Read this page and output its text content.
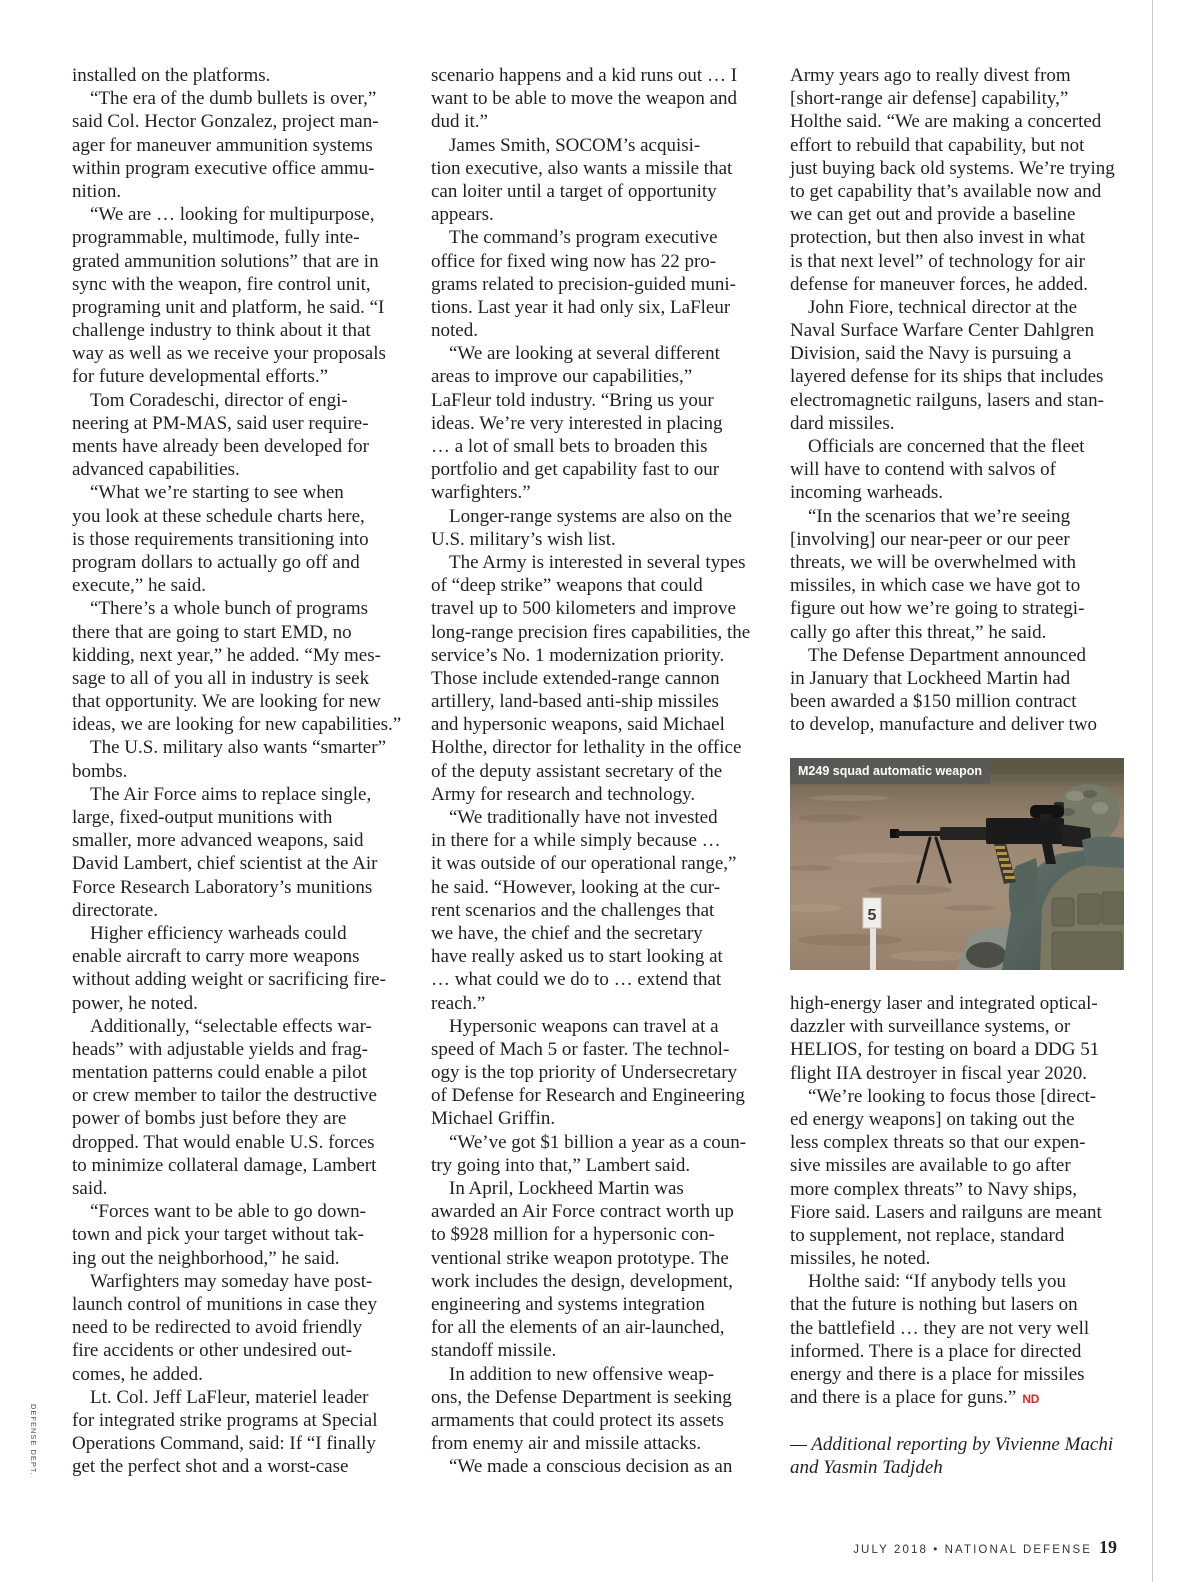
DEFENSE DEPT.
installed on the platforms.
“The era of the dumb bullets is over,”
said Col. Hector Gonzalez, project man-
ager for maneuver ammunition systems
within program executive office ammu-
nition.
“We are … looking for multipurpose,
programmable, multimode, fully inte-
grated ammunition solutions” that are in
sync with the weapon, fire control unit,
programing unit and platform, he said. “I
challenge industry to think about it that
way as well as we receive your proposals
for future developmental efforts.”
Tom Coradeschi, director of engi-
neering at PM-MAS, said user require-
ments have already been developed for
advanced capabilities.
“What we’re starting to see when
you look at these schedule charts here,
is those requirements transitioning into
program dollars to actually go off and
execute,” he said.
“There’s a whole bunch of programs
there that are going to start EMD, no
kidding, next year,” he added. “My mes-
sage to all of you all in industry is seek
that opportunity. We are looking for new
ideas, we are looking for new capabilities.”
The U.S. military also wants “smarter”
bombs.
The Air Force aims to replace single,
large, fixed-output munitions with
smaller, more advanced weapons, said
David Lambert, chief scientist at the Air
Force Research Laboratory’s munitions
directorate.
Higher efficiency warheads could
enable aircraft to carry more weapons
without adding weight or sacrificing fire-
power, he noted.
Additionally, “selectable effects war-
heads” with adjustable yields and frag-
mentation patterns could enable a pilot
or crew member to tailor the destructive
power of bombs just before they are
dropped. That would enable U.S. forces
to minimize collateral damage, Lambert
said.
“Forces want to be able to go down-
town and pick your target without tak-
ing out the neighborhood,” he said.
Warfighters may someday have post-
launch control of munitions in case they
need to be redirected to avoid friendly
fire accidents or other undesired out-
comes, he added.
Lt. Col. Jeff LaFleur, materiel leader
for integrated strike programs at Special
Operations Command, said: If “I finally
get the perfect shot and a worst-case
scenario happens and a kid runs out … I
want to be able to move the weapon and
dud it.”
James Smith, SOCOM’s acquisi-
tion executive, also wants a missile that
can loiter until a target of opportunity
appears.
The command’s program executive
office for fixed wing now has 22 pro-
grams related to precision-guided muni-
tions. Last year it had only six, LaFleur
noted.
“We are looking at several different
areas to improve our capabilities,”
LaFleur told industry. “Bring us your
ideas. We’re very interested in placing
… a lot of small bets to broaden this
portfolio and get capability fast to our
warfighters.”
Longer-range systems are also on the
U.S. military’s wish list.
The Army is interested in several types
of “deep strike” weapons that could
travel up to 500 kilometers and improve
long-range precision fires capabilities, the
service’s No. 1 modernization priority.
Those include extended-range cannon
artillery, land-based anti-ship missiles
and hypersonic weapons, said Michael
Holthe, director for lethality in the office
of the deputy assistant secretary of the
Army for research and technology.
“We traditionally have not invested
in there for a while simply because …
it was outside of our operational range,”
he said. “However, looking at the cur-
rent scenarios and the challenges that
we have, the chief and the secretary
have really asked us to start looking at
… what could we do to … extend that
reach.”
Hypersonic weapons can travel at a
speed of Mach 5 or faster. The technol-
ogy is the top priority of Undersecretary
of Defense for Research and Engineering
Michael Griffin.
“We’ve got $1 billion a year as a coun-
try going into that,” Lambert said.
In April, Lockheed Martin was
awarded an Air Force contract worth up
to $928 million for a hypersonic con-
ventional strike weapon prototype. The
work includes the design, development,
engineering and systems integration
for all the elements of an air-launched,
standoff missile.
In addition to new offensive weap-
ons, the Defense Department is seeking
armaments that could protect its assets
from enemy air and missile attacks.
“We made a conscious decision as an
Army years ago to really divest from
[short-range air defense] capability,”
Holthe said. “We are making a concerted
effort to rebuild that capability, but not
just buying back old systems. We’re trying
to get capability that’s available now and
we can get out and provide a baseline
protection, but then also invest in what
is that next level” of technology for air
defense for maneuver forces, he added.
John Fiore, technical director at the
Naval Surface Warfare Center Dahlgren
Division, said the Navy is pursuing a
layered defense for its ships that includes
electromagnetic railguns, lasers and stan-
dard missiles.
Officials are concerned that the fleet
will have to contend with salvos of
incoming warheads.
“In the scenarios that we’re seeing
[involving] our near-peer or our peer
threats, we will be overwhelmed with
missiles, in which case we have got to
figure out how we’re going to strategi-
cally go after this threat,” he said.
The Defense Department announced
in January that Lockheed Martin had
been awarded a $150 million contract
to develop, manufacture and deliver two
5
M249 squad automatic weapon
high-energy laser and integrated optical-
dazzler with surveillance systems, or
HELIOS, for testing on board a DDG 51
flight IIA destroyer in fiscal year 2020.
“We’re looking to focus those [direct-
ed energy weapons] on taking out the
less complex threats so that our expen-
sive missiles are available to go after
more complex threats” to Navy ships,
Fiore said. Lasers and railguns are meant
to supplement, not replace, standard
missiles, he noted.
Holthe said: “If anybody tells you
that the future is nothing but lasers on
the battlefield … they are not very well
informed. There is a place for directed
energy and there is a place for missiles
and there is a place for guns.” ND
— Additional reporting by Vivienne Machi
and Yasmin Tadjdeh
JULY 2018 • NATIONAL DEFENSE 19
